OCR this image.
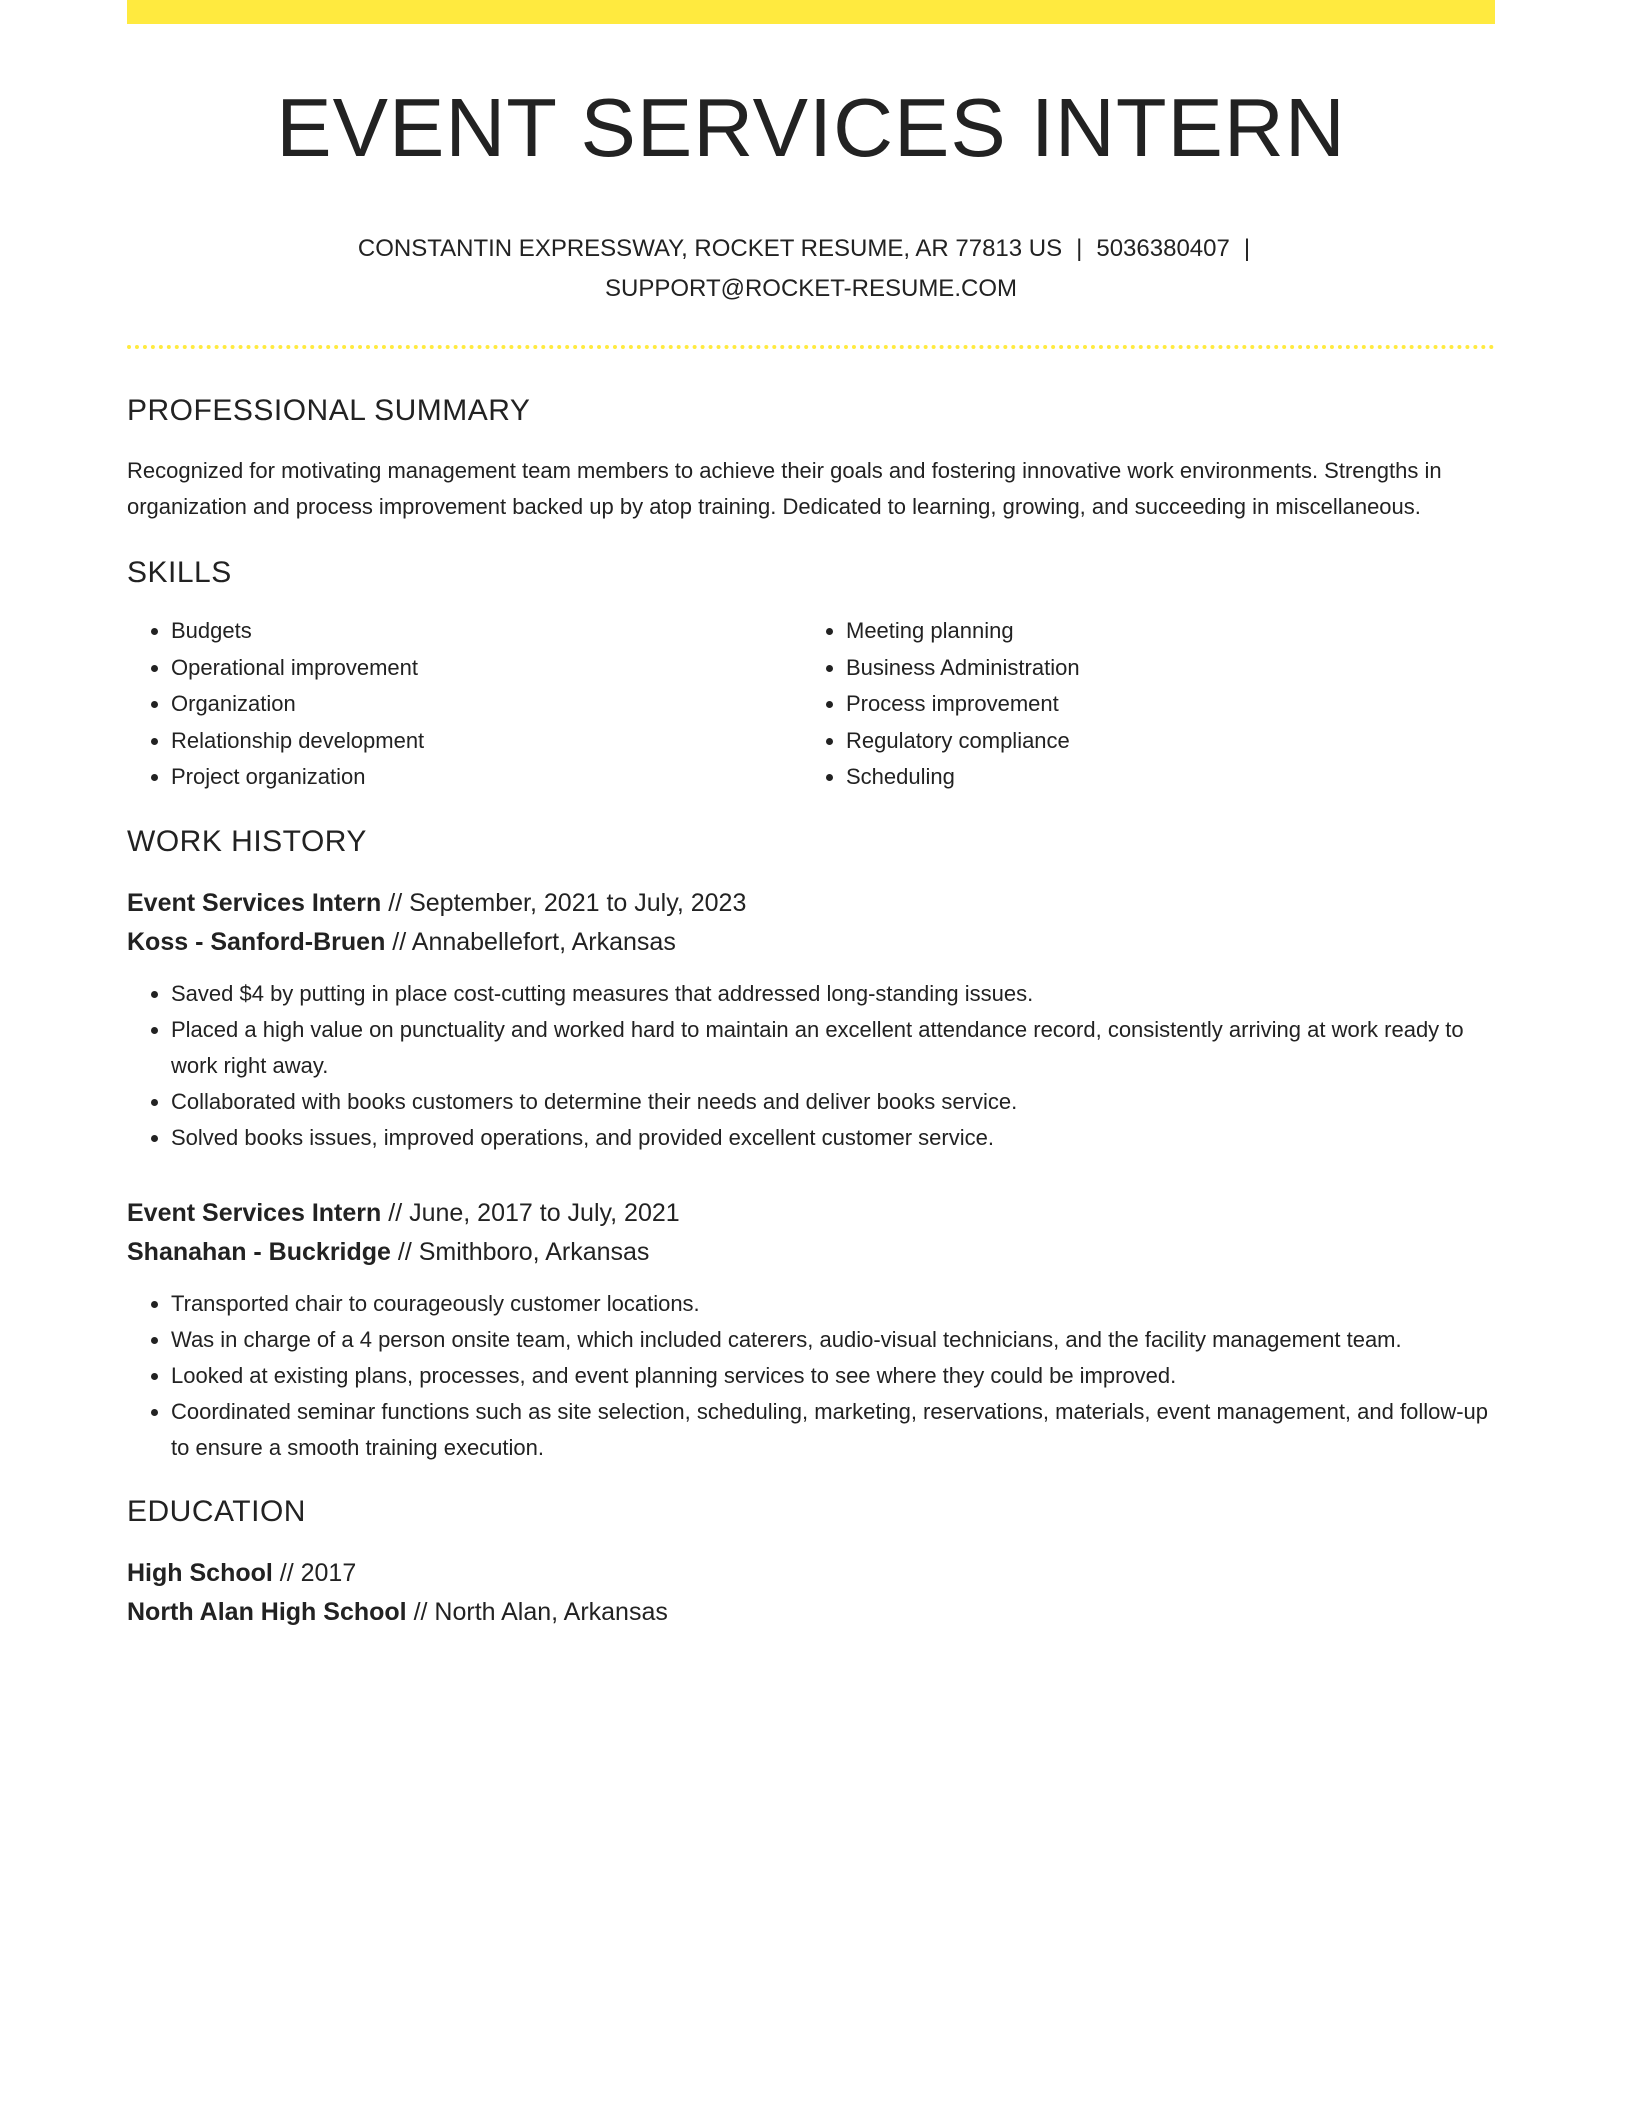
EVENT SERVICES INTERN
CONSTANTIN EXPRESSWAY, ROCKET RESUME, AR 77813 US | 5036380407 |
SUPPORT@ROCKET-RESUME.COM
PROFESSIONAL SUMMARY

Recognized for motivating management team members to achieve their goals and fostering innovative work environments. Strengths in organization and process improvement backed up by atop training. Dedicated to learning, growing, and succeeding in miscellaneous.

SKILLS
• Budgets
• Operational improvement
• Organization
• Relationship development
• Project organization
• Meeting planning
• Business Administration
• Process improvement
• Regulatory compliance
• Scheduling
WORK HISTORY
Event Services Intern // September, 2021 to July, 2023
Koss - Sanford-Bruen // Annabellefort, Arkansas
• Saved $4 by putting in place cost-cutting measures that addressed long-standing issues.
• Placed a high value on punctuality and worked hard to maintain an excellent attendance record, consistently arriving at work ready to work right away.
• Collaborated with books customers to determine their needs and deliver books service.
• Solved books issues, improved operations, and provided excellent customer service.
Event Services Intern // June, 2017 to July, 2021
Shanahan - Buckridge // Smithboro, Arkansas
• Transported chair to courageously customer locations.
• Was in charge of a 4 person onsite team, which included caterers, audio-visual technicians, and the facility management team.
• Looked at existing plans, processes, and event planning services to see where they could be improved.
• Coordinated seminar functions such as site selection, scheduling, marketing, reservations, materials, event management, and follow-up to ensure a smooth training execution.
EDUCATION
High School // 2017
North Alan High School // North Alan, Arkansas
